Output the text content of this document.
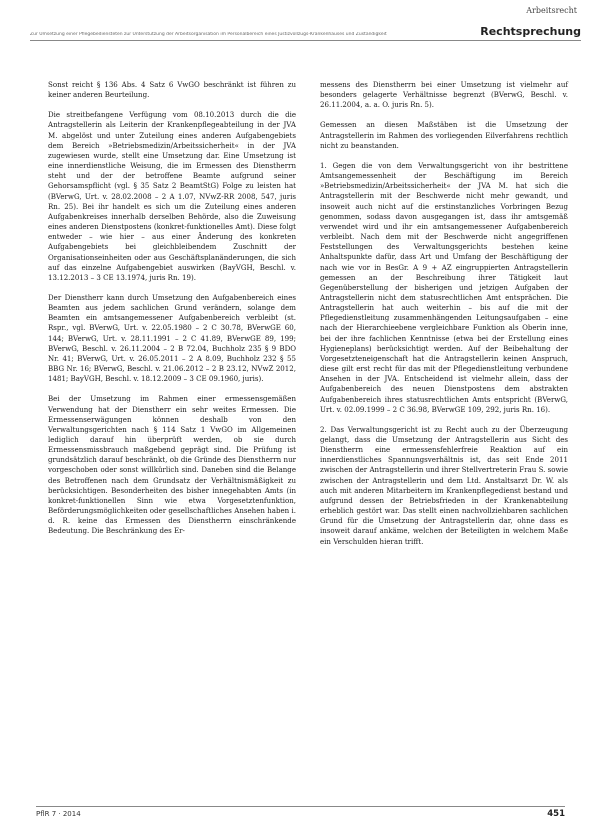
Arbeitsrecht
Zur Umsetzung einer Pflegebediensteten zur Unterstützung der Arbeitsorganisation im Personalbereich eines Justizvollzugs-Krankenhauses und Zuständigkeit	Rechtsprechung

Sonst reicht § 136 Abs. 4 Satz 6 VwGO beschränkt ist führen zu keiner anderen Beurteilung.

Die streitbefangene Verfügung vom 08.10.2013 durch die die Antragstellerin als Leiterin der Krankenpflegeabteilung in der JVA M. abgelöst und unter Zuteilung eines anderen Aufgabengebiets dem Bereich »Betriebsmedizin/Arbeitssicherheit« in der JVA zugewiesen wurde, stellt eine Umsetzung dar. Eine Umsetzung ist eine innerdienstliche Weisung, die im Ermessen des Dienstherrn steht und der der betroffene Beamte aufgrund seiner Gehorsamspflicht (vgl. § 35 Satz 2 BeamtStG) Folge zu leisten hat (BVerwG, Urt. v. 28.02.2008 – 2 A 1.07, NVwZ-RR 2008, 547, juris Rn. 25). Bei ihr handelt es sich um die Zuteilung eines anderen Aufgabenkreises innerhalb derselben Behörde, also die Zuweisung eines anderen Dienstpostens (konkret-funktionelles Amt). Diese folgt entweder – wie hier – aus einer Änderung des konkreten Aufgabengebiets bei gleichbleibendem Zuschnitt der Organisationseinheiten oder aus Geschäftsplanänderungen, die sich auf das einzelne Aufgabengebiet auswirken (BayVGH, Beschl. v. 13.12.2013 – 3 CE 13.1974, juris Rn. 19).

Der Dienstherr kann durch Umsetzung den Aufgabenbereich eines Beamten aus jedem sachlichen Grund verändern, solange dem Beamten ein amtsangemessener Aufgabenbereich verbleibt (st. Rspr., vgl. BVerwG, Urt. v. 22.05.1980 – 2 C 30.78, BVerwGE 60, 144; BVerwG, Urt. v. 28.11.1991 – 2 C 41.89, BVerwGE 89, 199; BVerwG, Beschl. v. 26.11.2004 – 2 B 72.04, Buchholz 235 § 9 BDO Nr. 41; BVerwG, Urt. v. 26.05.2011 – 2 A 8.09, Buchholz 232 § 55 BBG Nr. 16; BVerwG, Beschl. v. 21.06.2012 – 2 B 23.12, NVwZ 2012, 1481; BayVGH, Beschl. v. 18.12.2009 – 3 CE 09.1960, juris).

Bei der Umsetzung im Rahmen einer ermessensgemäßen Verwendung hat der Dienstherr ein sehr weites Ermessen. Die Ermessenserwägungen können deshalb von den Verwaltungsgerichten nach § 114 Satz 1 VwGO im Allgemeinen lediglich darauf hin überprüft werden, ob sie durch Ermessensmissbrauch maßgebend geprägt sind. Die Prüfung ist grundsätzlich darauf beschränkt, ob die Gründe des Dienstherrn nur vorgeschoben oder sonst willkürlich sind. Daneben sind die Belange des Betroffenen nach dem Grundsatz der Verhältnismäßigkeit zu berücksichtigen. Besonderheiten des bisher innegehabten Amts (in konkret-funktionellen Sinn wie etwa Vorgesetztenfunktion, Beförderungsmöglichkeiten oder gesellschaftliches Ansehen haben i. d. R. keine das Ermessen des Dienstherrn einschränkende Bedeutung. Die Beschränkung des Er-

messens des Dienstherrn bei einer Umsetzung ist vielmehr auf besonders gelagerte Verhältnisse begrenzt (BVerwG, Beschl. v. 26.11.2004, a. a. O. juris Rn. 5).

Gemessen an diesen Maßstäben ist die Umsetzung der Antragstellerin im Rahmen des vorliegenden Eilverfahrens rechtlich nicht zu beanstanden.

1. Gegen die von dem Verwaltungsgericht von ihr bestrittene Amtsangemessenheit der Beschäftigung im Bereich »Betriebsmedizin/Arbeitssicherheit« der JVA M. hat sich die Antragstellerin mit der Beschwerde nicht mehr gewandt, und insoweit auch nicht auf die erstinstanzliches Vorbringen Bezug genommen, sodass davon ausgegangen ist, dass ihr amtsgemäß verwendet wird und ihr ein amtsangemessener Aufgabenbereich verbleibt. Nach dem mit der Beschwerde nicht angegriffenen Feststellungen des Verwaltungsgerichts bestehen keine Anhaltspunkte dafür, dass Art und Umfang der Beschäftigung der nach wie vor in BesGr. A 9 + AZ eingruppierten Antragstellerin gemessen an der Beschreibung ihrer Tätigkeit laut Gegenüberstellung der bisherigen und jetzigen Aufgaben der Antragstellerin nicht dem statusrechtlichen Amt entsprächen. Die Antragstellerin hat auch weiterhin – bis auf die mit der Pflegedienstleitung zusammenhängenden Leitungsaufgaben – eine nach der Hierarchieebene vergleichbare Funktion als Oberin inne, bei der ihre fachlichen Kenntnisse (etwa bei der Erstellung eines Hygieneplans) berücksichtigt werden. Auf der Beibehaltung der Vorgesetzteneigenschaft hat die Antragstellerin keinen Anspruch, diese gilt erst recht für das mit der Pflegedienstleitung verbundene Ansehen in der JVA. Entscheidend ist vielmehr allein, dass der Aufgabenbereich des neuen Dienstpostens dem abstrakten Aufgabenbereich ihres statusrechtlichen Amts entspricht (BVerwG, Urt. v. 02.09.1999 – 2 C 36.98, BVerwGE 109, 292, juris Rn. 16).

2. Das Verwaltungsgericht ist zu Recht auch zu der Überzeugung gelangt, dass die Umsetzung der Antragstellerin aus Sicht des Dienstherrn eine ermessensfehlerfreie Reaktion auf ein innerdienstliches Spannungsverhältnis ist, das seit Ende 2011 zwischen der Antragstellerin und ihrer Stellvertreterin Frau S. sowie zwischen der Antragstellerin und dem Ltd. Anstaltsarzt Dr. W. als auch mit anderen Mitarbeitern im Krankenpflegedienst bestand und aufgrund dessen der Betriebsfrieden in der Krankenabteilung erheblich gestört war. Das stellt einen nachvollziehbaren sachlichen Grund für die Umsetzung der Antragstellerin dar, ohne dass es insoweit darauf ankäme, welchen der Beteiligten in welchem Maße ein Verschulden hieran trifft.

PflR 7 · 2014	451
